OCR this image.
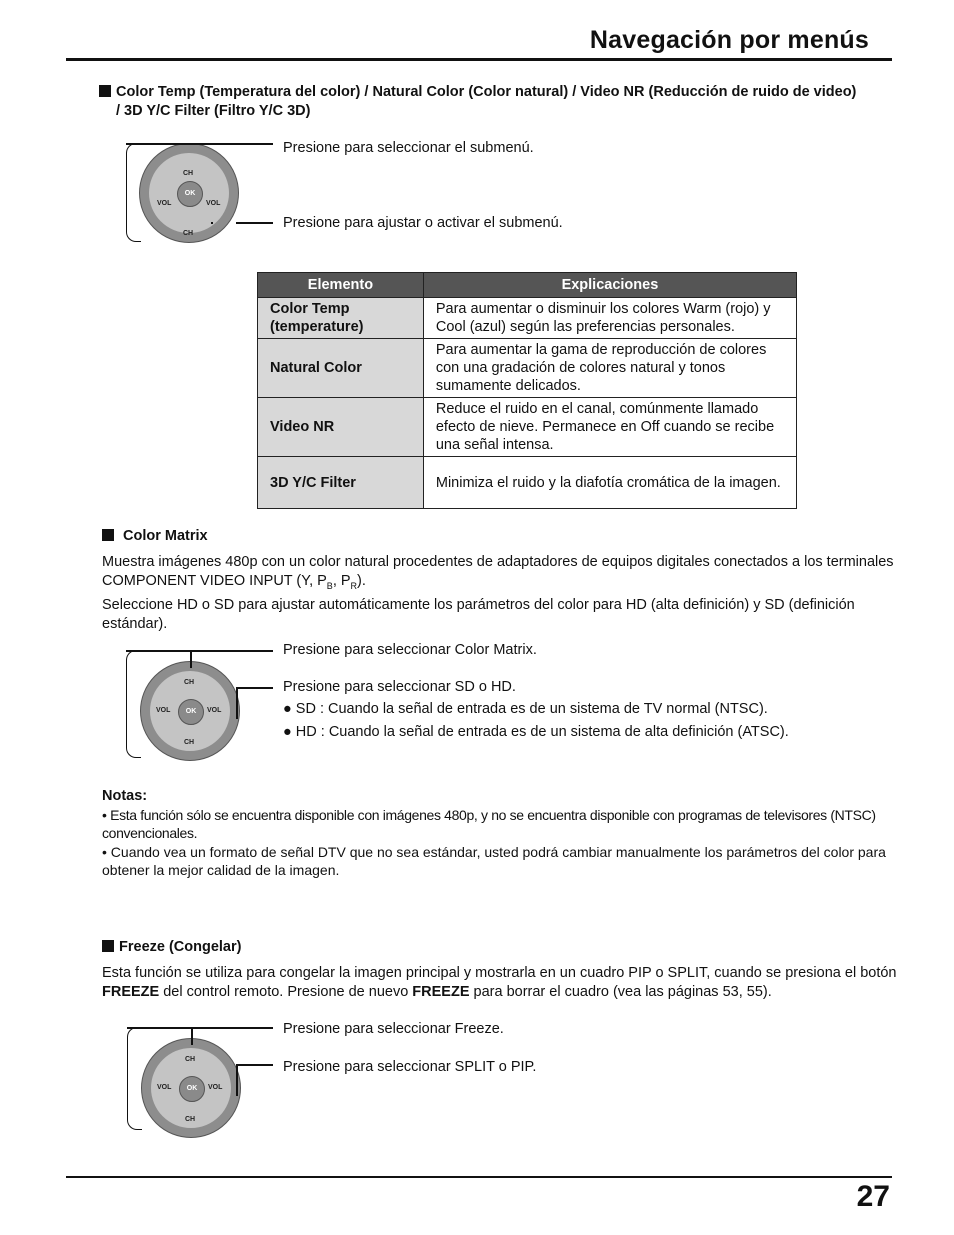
Navegación por menús
Color Temp (Temperatura del color) / Natural Color (Color natural) / Video NR (Reducción de ruido de video)
/ 3D Y/C Filter (Filtro Y/C 3D)
OK
CH
CH
VOL	VOL
Presione para seleccionar el submenú.
Presione para ajustar o activar el submenú.
Elemento	Explicaciones
Color Temp
(temperature)	Para aumentar o disminuir los colores Warm (rojo) y Cool (azul) según las preferencias personales.
Natural Color	Para aumentar la gama de reproducción de colores con una gradación de colores natural y tonos sumamente delicados.
Video NR	Reduce el ruido en el canal, comúnmente llamado efecto de nieve. Permanece en Off cuando se recibe una señal intensa.
3D Y/C Filter	Minimiza el ruido y la diafotía cromática de la imagen.
Color Matrix
Muestra imágenes 480p con un color natural procedentes de adaptadores de equipos digitales conectados a los terminales COMPONENT VIDEO INPUT (Y, $P_B$, $P_R$).
Seleccione HD o SD para ajustar automáticamente los parámetros del color para HD (alta definición) y SD (definición estándar).
OK
CH
CH
VOL	VOL
Presione para seleccionar Color Matrix.
Presione para seleccionar SD o HD.
● SD : Cuando la señal de entrada es de un sistema de TV normal (NTSC).
● HD : Cuando la señal de entrada es de un sistema de alta definición (ATSC).
Notas:
• Esta función sólo se encuentra disponible con imágenes 480p, y no se encuentra disponible con programas de televisores (NTSC) convencionales.
• Cuando vea un formato de señal DTV que no sea estándar, usted podrá cambiar manualmente los parámetros del color para obtener la mejor calidad de la imagen.
Freeze (Congelar)
Esta función se utiliza para congelar la imagen principal y mostrarla en un cuadro PIP o SPLIT, cuando se presiona el botón FREEZE del control remoto. Presione de nuevo FREEZE para borrar el cuadro (vea las páginas 53, 55).
OK
CH
CH
VOL	VOL
Presione para seleccionar Freeze.
Presione para seleccionar SPLIT o PIP.
27
